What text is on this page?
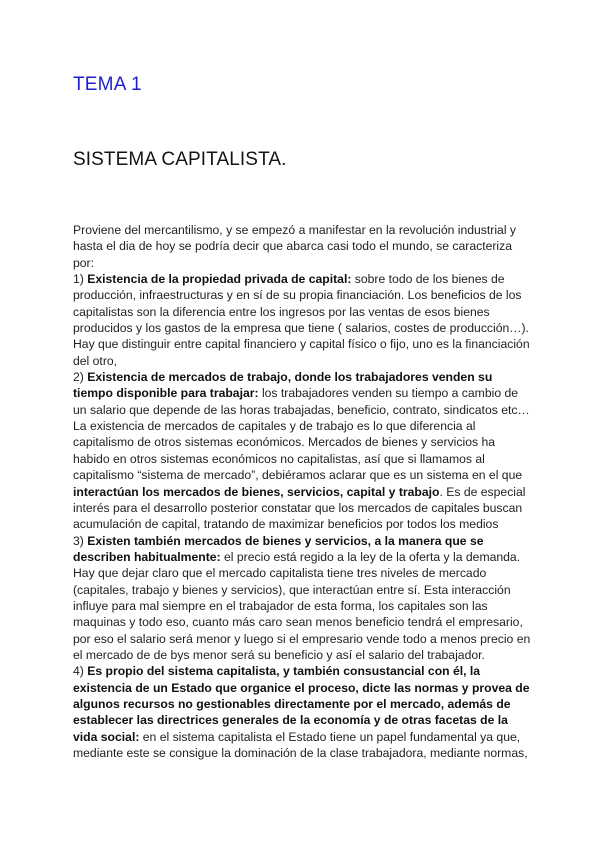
TEMA 1
SISTEMA CAPITALISTA.
Proviene del mercantilismo, y se empezó a manifestar en la revolución industrial y
hasta el dia de hoy se podría decir que abarca casi todo el mundo, se caracteriza
por:
1) Existencia de la propiedad privada de capital: sobre todo de los bienes de
producción, infraestructuras y en sí de su propia financiación. Los beneficios de los
capitalistas son la diferencia entre los ingresos por las ventas de esos bienes
producidos y los gastos de la empresa que tiene ( salarios, costes de producción…).
Hay que distinguir entre capital financiero y capital físico o fijo, uno es la financiación
del otro,
2) Existencia de mercados de trabajo, donde los trabajadores venden su
tiempo disponible para trabajar: los trabajadores venden su tiempo a cambio de
un salario que depende de las horas trabajadas, beneficio, contrato, sindicatos etc…
La existencia de mercados de capitales y de trabajo es lo que diferencia al
capitalismo de otros sistemas económicos. Mercados de bienes y servicios ha
habido en otros sistemas económicos no capitalistas, así que si llamamos al
capitalismo “sistema de mercado”, debiéramos aclarar que es un sistema en el que
interactúan los mercados de bienes, servicios, capital y trabajo. Es de especial
interés para el desarrollo posterior constatar que los mercados de capitales buscan
acumulación de capital, tratando de maximizar beneficios por todos los medios
3) Existen también mercados de bienes y servicios, a la manera que se
describen habitualmente: el precio está regido a la ley de la oferta y la demanda.
Hay que dejar claro que el mercado capitalista tiene tres niveles de mercado
(capitales, trabajo y bienes y servicios), que interactúan entre sí. Esta interacción
influye para mal siempre en el trabajador de esta forma, los capitales son las
maquinas y todo eso, cuanto más caro sean menos beneficio tendrá el empresario,
por eso el salario será menor y luego si el empresario vende todo a menos precio en
el mercado de de bys menor será su beneficio y así el salario del trabajador.
4) Es propio del sistema capitalista, y también consustancial con él, la
existencia de un Estado que organice el proceso, dicte las normas y provea de
algunos recursos no gestionables directamente por el mercado, además de
establecer las directrices generales de la economía y de otras facetas de la
vida social: en el sistema capitalista el Estado tiene un papel fundamental ya que,
mediante este se consigue la dominación de la clase trabajadora, mediante normas,
